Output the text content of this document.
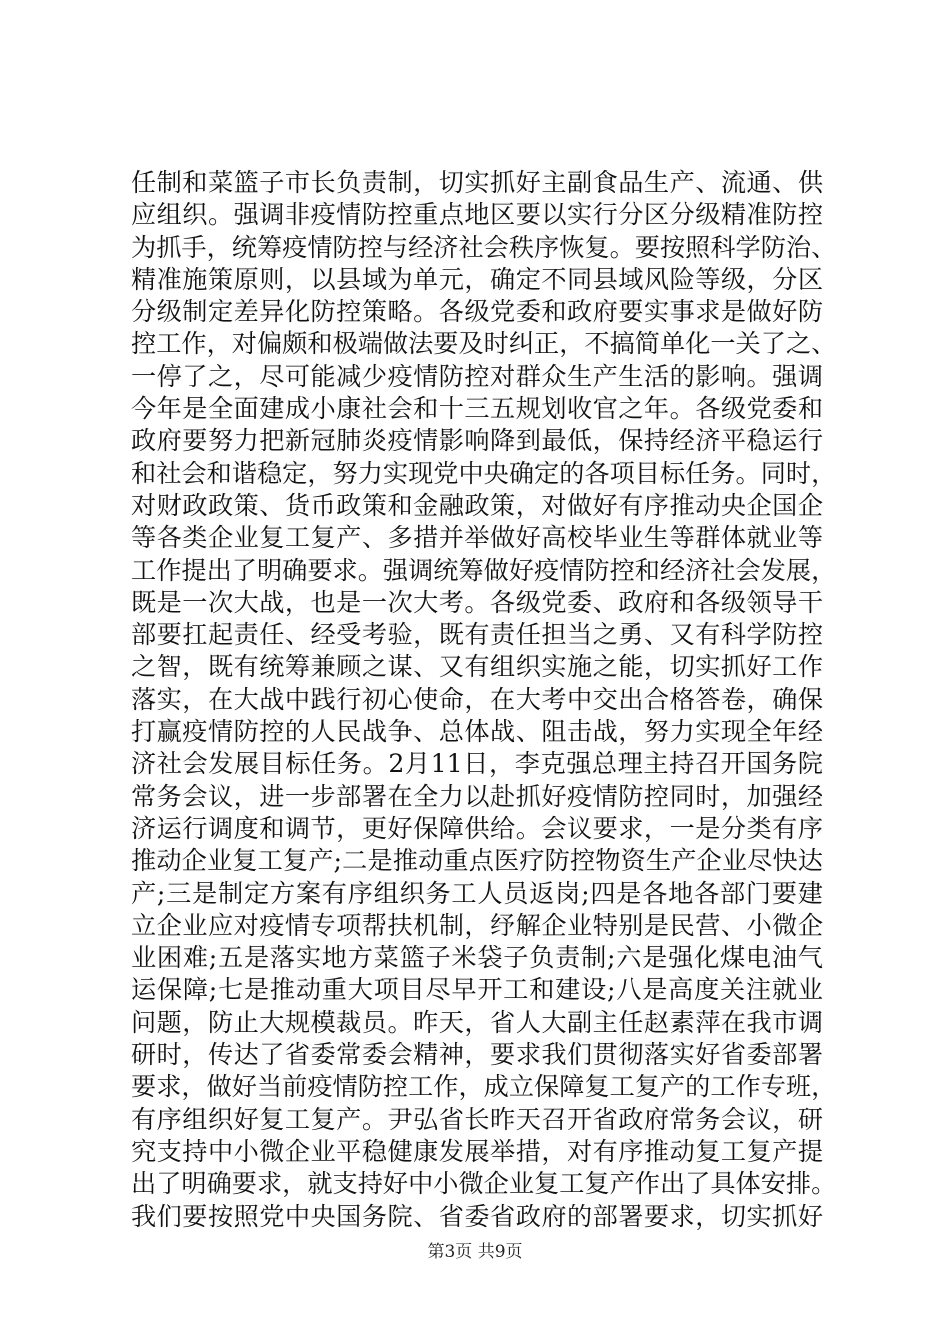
任制和菜篮子市长负责制，切实抓好主副食品生产、流通、供
应组织。强调非疫情防控重点地区要以实行分区分级精准防控
为抓手，统筹疫情防控与经济社会秩序恢复。要按照科学防治、
精准施策原则，以县域为单元，确定不同县域风险等级，分区
分级制定差异化防控策略。各级党委和政府要实事求是做好防
控工作，对偏颇和极端做法要及时纠正，不搞简单化一关了之、
一停了之，尽可能减少疫情防控对群众生产生活的影响。强调
今年是全面建成小康社会和十三五规划收官之年。各级党委和
政府要努力把新冠肺炎疫情影响降到最低，保持经济平稳运行
和社会和谐稳定，努力实现党中央确定的各项目标任务。同时，
对财政政策、货币政策和金融政策，对做好有序推动央企国企
等各类企业复工复产、多措并举做好高校毕业生等群体就业等
工作提出了明确要求。强调统筹做好疫情防控和经济社会发展，
既是一次大战，也是一次大考。各级党委、政府和各级领导干
部要扛起责任、经受考验，既有责任担当之勇、又有科学防控
之智，既有统筹兼顾之谋、又有组织实施之能，切实抓好工作
落实，在大战中践行初心使命，在大考中交出合格答卷，确保
打赢疫情防控的人民战争、总体战、阻击战，努力实现全年经
济社会发展目标任务。2月11日，李克强总理主持召开国务院
常务会议，进一步部署在全力以赴抓好疫情防控同时，加强经
济运行调度和调节，更好保障供给。会议要求，一是分类有序
推动企业复工复产;二是推动重点医疗防控物资生产企业尽快达
产;三是制定方案有序组织务工人员返岗;四是各地各部门要建
立企业应对疫情专项帮扶机制，纾解企业特别是民营、小微企
业困难;五是落实地方菜篮子米袋子负责制;六是强化煤电油气
运保障;七是推动重大项目尽早开工和建设;八是高度关注就业
问题，防止大规模裁员。昨天，省人大副主任赵素萍在我市调
研时，传达了省委常委会精神，要求我们贯彻落实好省委部署
要求，做好当前疫情防控工作，成立保障复工复产的工作专班，
有序组织好复工复产。尹弘省长昨天召开省政府常务会议，研
究支持中小微企业平稳健康发展举措，对有序推动复工复产提
出了明确要求，就支持好中小微企业复工复产作出了具体安排。
我们要按照党中央国务院、省委省政府的部署要求，切实抓好
第3页 共9页
